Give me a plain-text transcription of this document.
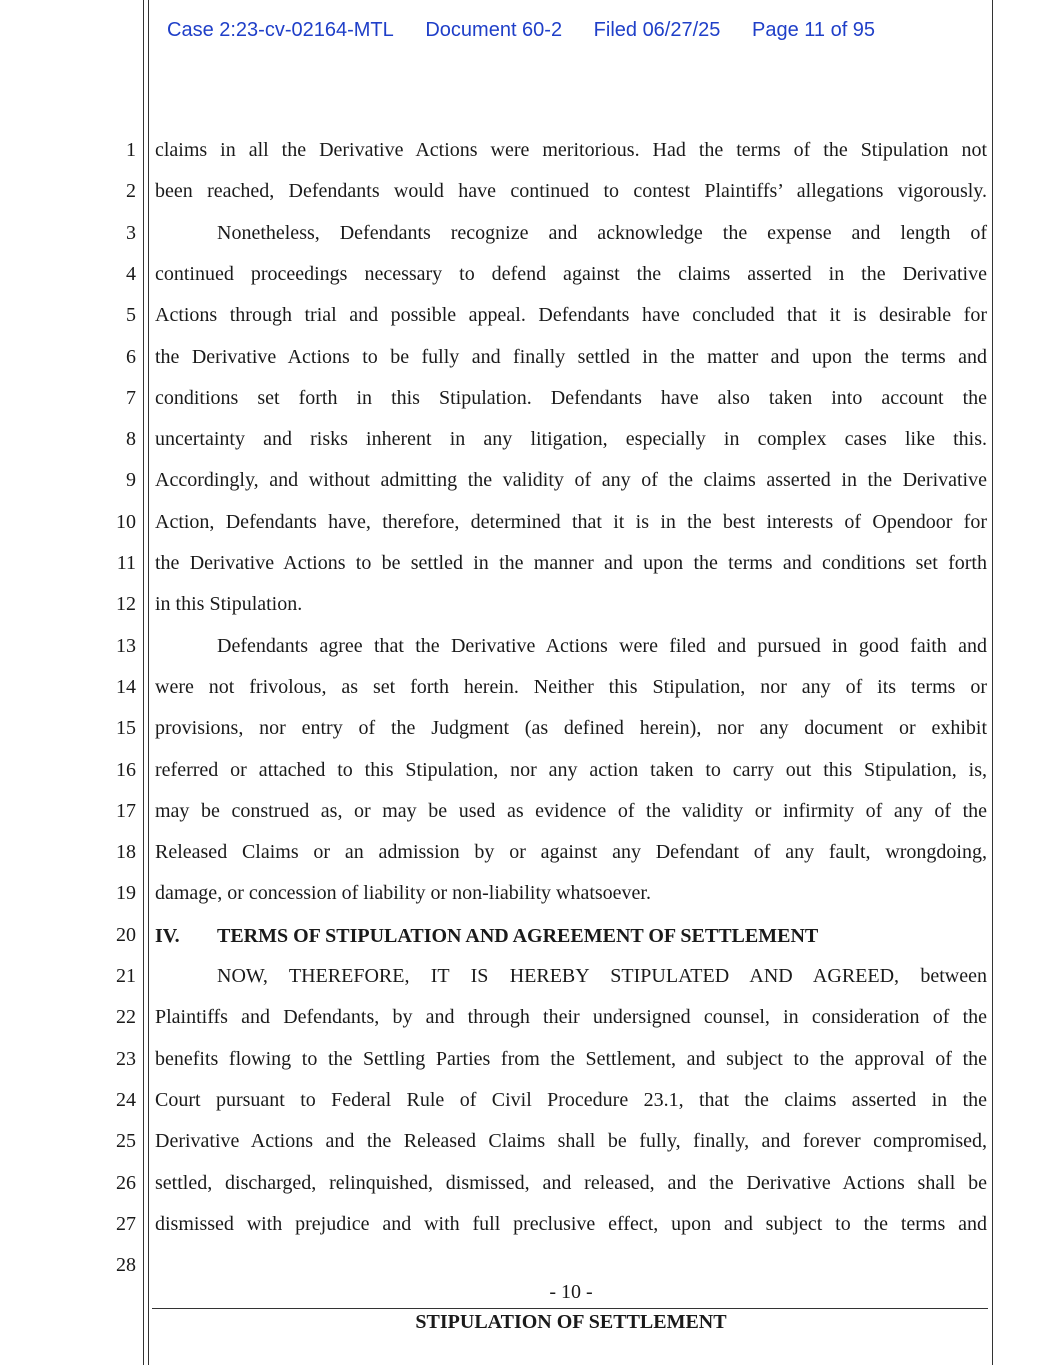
Case 2:23-cv-02164-MTL Document 60-2 Filed 06/27/25 Page 11 of 95
1
2
3
4
5
6
7
8
9
10
11
12
13
14
15
16
17
18
19
20
21
22
23
24
25
26
27
28
claims in all the Derivative Actions were meritorious. Had the terms of the Stipulation not
been reached, Defendants would have continued to contest Plaintiffs’ allegations vigorously.
Nonetheless, Defendants recognize and acknowledge the expense and length of
continued proceedings necessary to defend against the claims asserted in the Derivative
Actions through trial and possible appeal. Defendants have concluded that it is desirable for
the Derivative Actions to be fully and finally settled in the matter and upon the terms and
conditions set forth in this Stipulation. Defendants have also taken into account the
uncertainty and risks inherent in any litigation, especially in complex cases like this.
Accordingly, and without admitting the validity of any of the claims asserted in the Derivative
Action, Defendants have, therefore, determined that it is in the best interests of Opendoor for
the Derivative Actions to be settled in the manner and upon the terms and conditions set forth
in this Stipulation.
Defendants agree that the Derivative Actions were filed and pursued in good faith and
were not frivolous, as set forth herein. Neither this Stipulation, nor any of its terms or
provisions, nor entry of the Judgment (as defined herein), nor any document or exhibit
referred or attached to this Stipulation, nor any action taken to carry out this Stipulation, is,
may be construed as, or may be used as evidence of the validity or infirmity of any of the
Released Claims or an admission by or against any Defendant of any fault, wrongdoing,
damage, or concession of liability or non-liability whatsoever.
NOW, THEREFORE, IT IS HEREBY STIPULATED AND AGREED, between
Plaintiffs and Defendants, by and through their undersigned counsel, in consideration of the
benefits flowing to the Settling Parties from the Settlement, and subject to the approval of the
Court pursuant to Federal Rule of Civil Procedure 23.1, that the claims asserted in the
Derivative Actions and the Released Claims shall be fully, finally, and forever compromised,
settled, discharged, relinquished, dismissed, and released, and the Derivative Actions shall be
dismissed with prejudice and with full preclusive effect, upon and subject to the terms and
IV. TERMS OF STIPULATION AND AGREEMENT OF SETTLEMENT
- 10 -
STIPULATION OF SETTLEMENT
